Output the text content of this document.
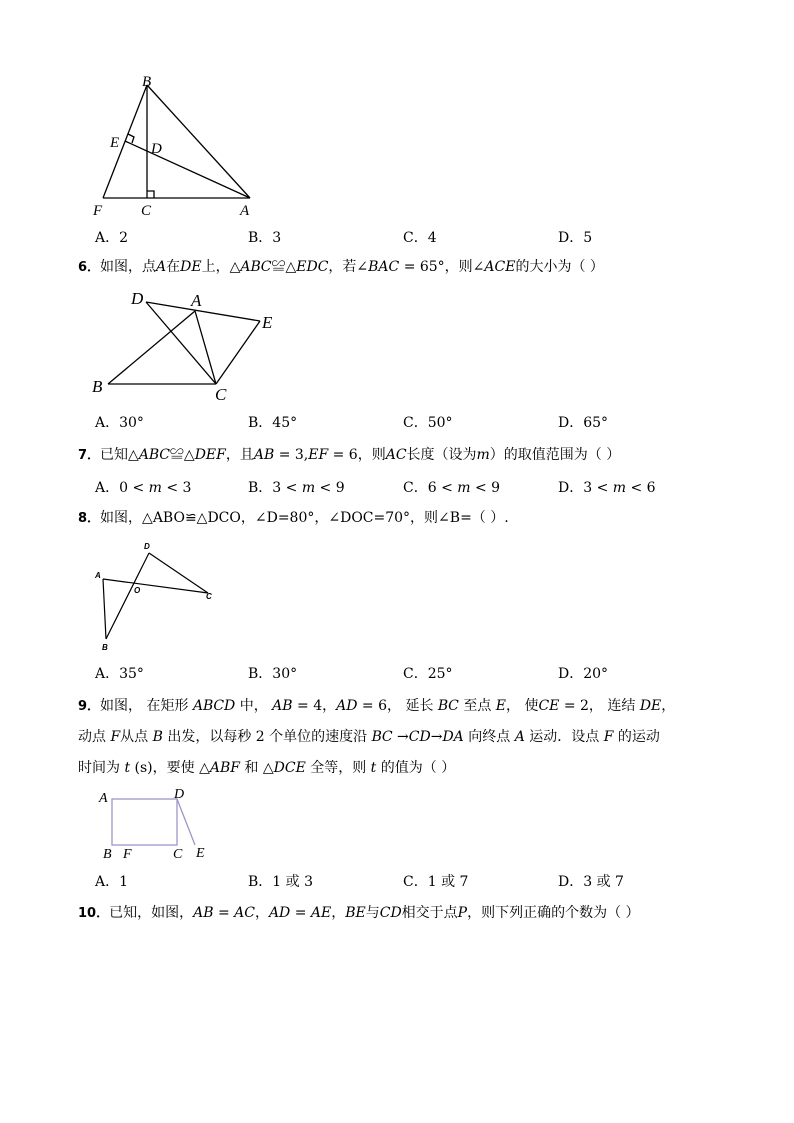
B
E D
F	C	A
A．2	B．3	C．4	D．5
6．如图，点𝐴在𝐷𝐸上，△𝐴𝐵𝐶≌△𝐸𝐷𝐶，若∠𝐵𝐴𝐶 = 65°，则∠𝐴𝐶𝐸的大小为（ ）
D	A
E
B	C
A．30°	B．45°	C．50°	D．65°
7．已知△𝐴𝐵𝐶≌△𝐷𝐸𝐹，且𝐴𝐵 = 3,𝐸𝐹 = 6，则𝐴𝐶长度（设为𝑚）的取值范围为（ ）
A．0 < 𝑚 < 3	B．3 < 𝑚 < 9	C．6 < 𝑚 < 9	D．3 < 𝑚 < 6
8．如图，△ABO≌△DCO，∠D=80°，∠DOC=70°，则∠B=（ ）.
D
A
O
C
B
A．35°	B．30°	C．25°	D．20°
9．如图， 在矩形 𝐴𝐵𝐶𝐷 中， 𝐴𝐵 = 4，𝐴𝐷 = 6， 延长 𝐵𝐶 至点 𝐸， 使𝐶𝐸 = 2， 连结 𝐷𝐸，
动点 𝐹从点 𝐵 出发，以每秒 2 个单位的速度沿 𝐵𝐶 →𝐶𝐷→𝐷𝐴 向终点 𝐴 运动．设点 𝐹 的运动
时间为 𝑡 (s)，要使 △𝐴𝐵𝐹 和 △𝐷𝐶𝐸 全等，则 𝑡 的值为（ ）
A	D
B F	C E
A．1	B．1 或 3	C．1 或 7	D．3 或 7
10．已知，如图，𝐴𝐵 = 𝐴𝐶，𝐴𝐷 = 𝐴𝐸，𝐵𝐸与𝐶𝐷相交于点𝑃，则下列正确的个数为（ ）
